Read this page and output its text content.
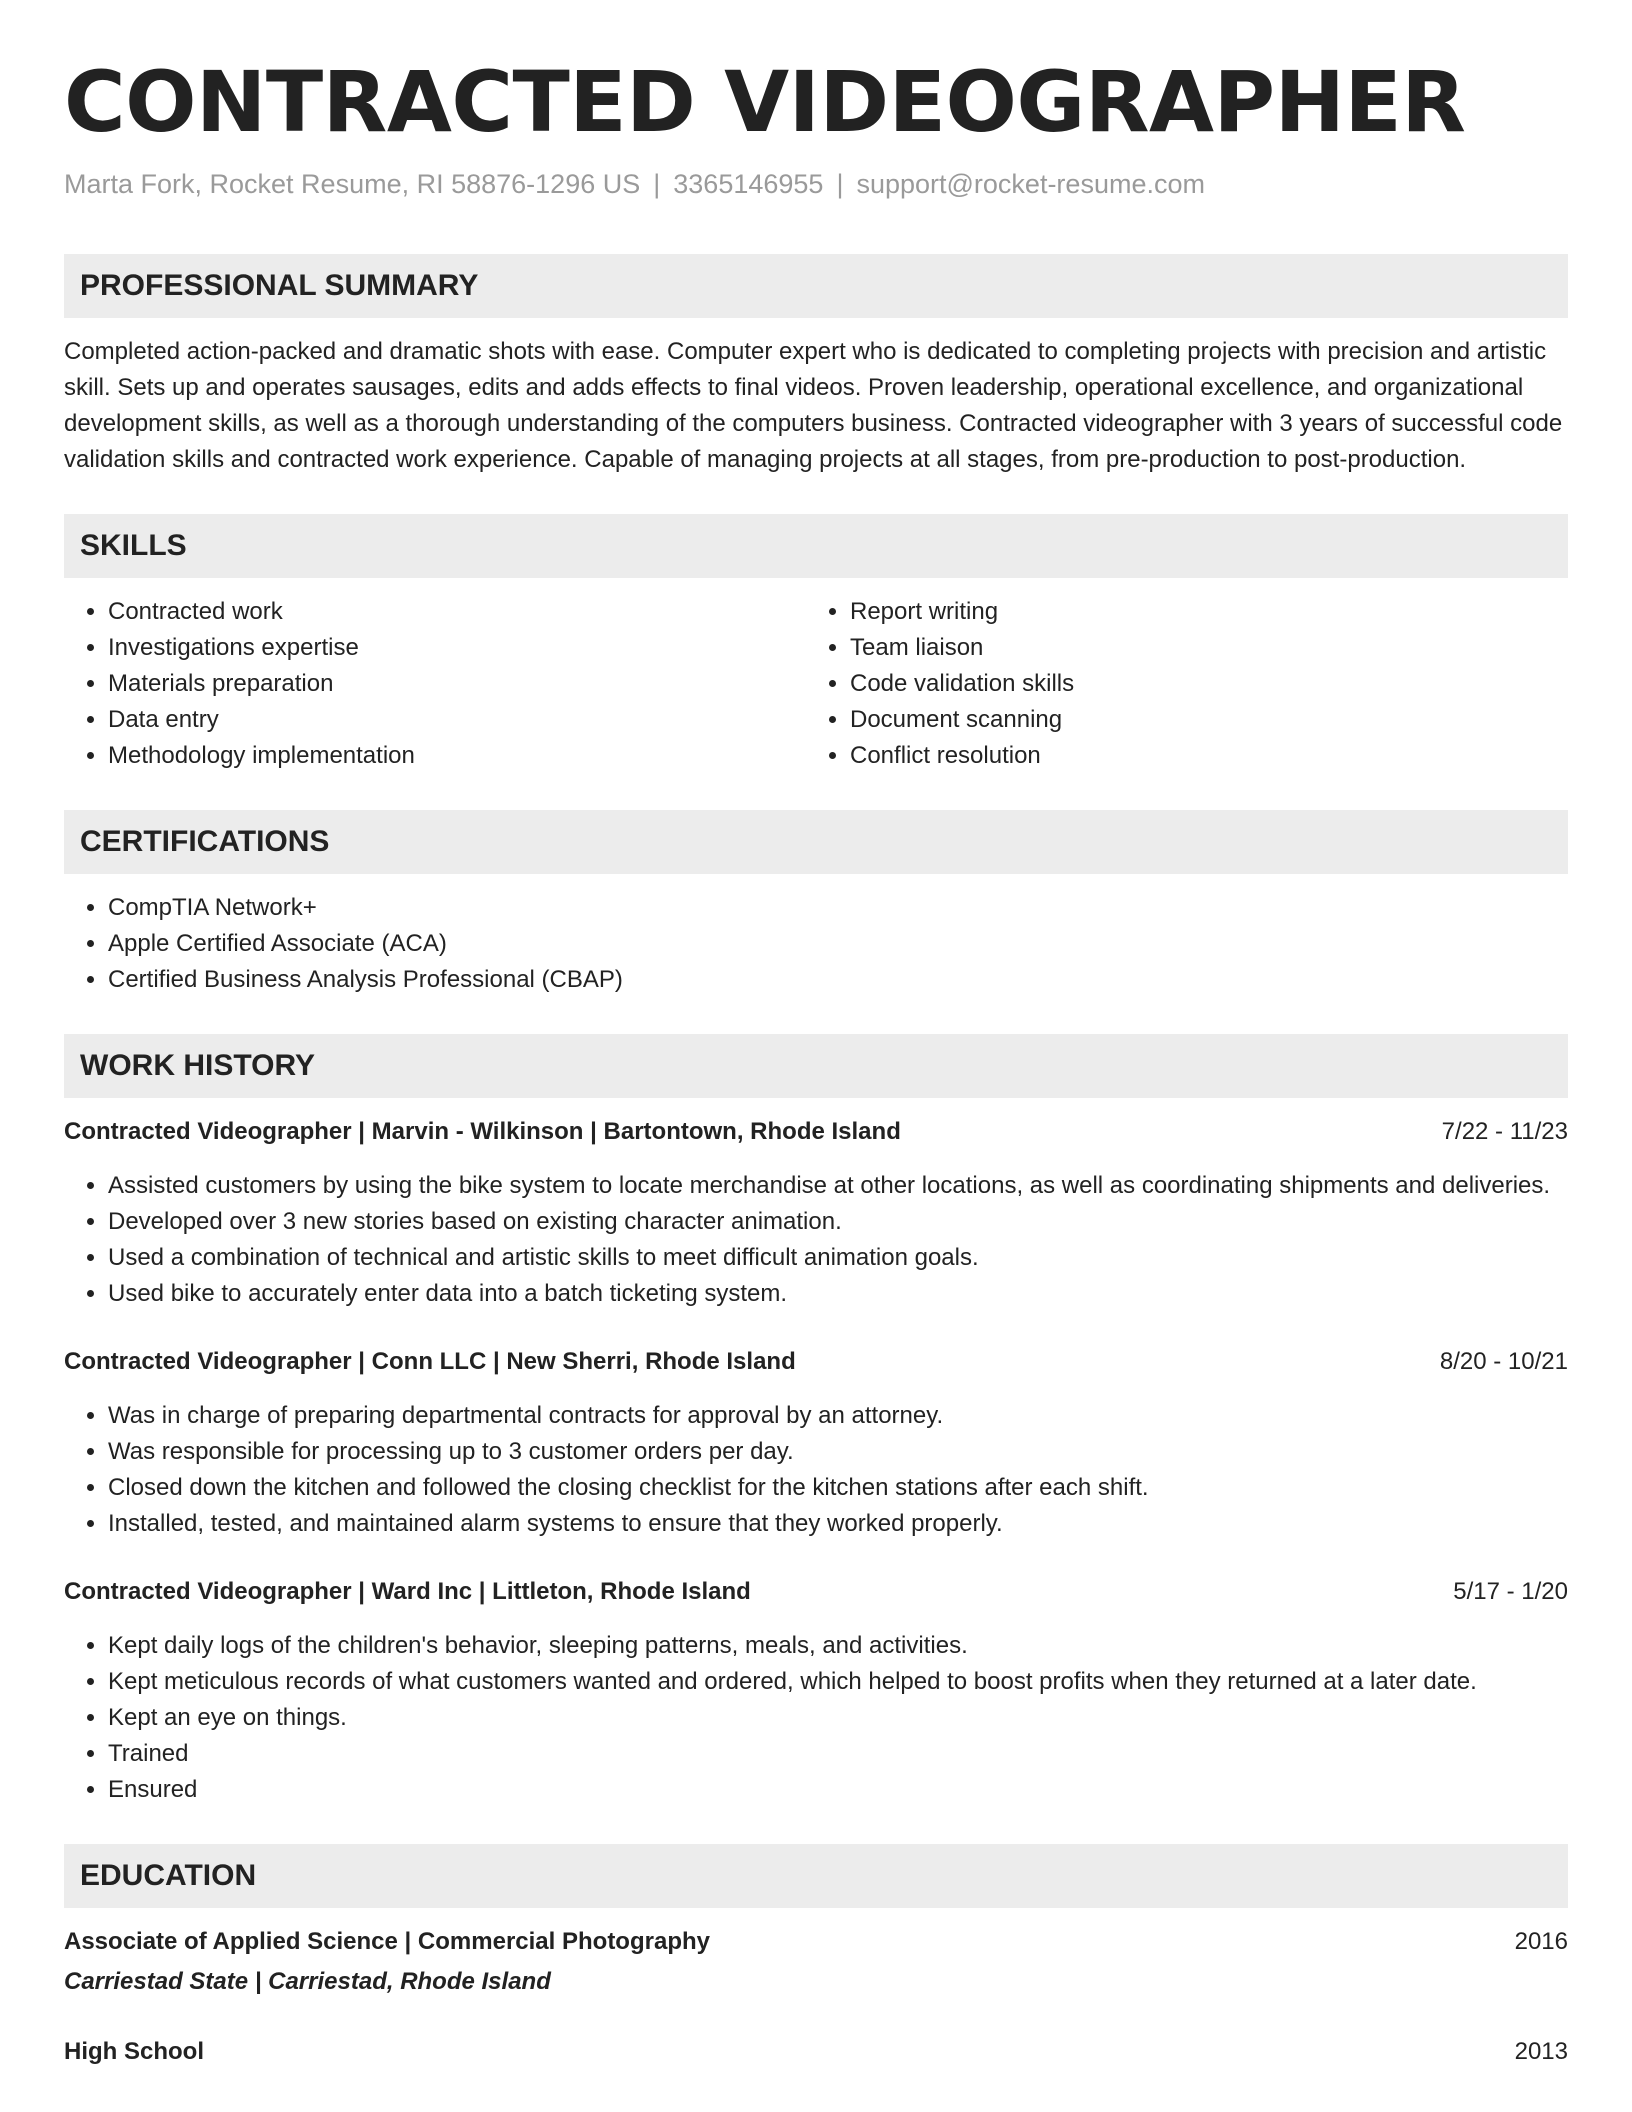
CONTRACTED VIDEOGRAPHER
Marta Fork, Rocket Resume, RI 58876-1296 US | 3365146955 | support@rocket-resume.com
PROFESSIONAL SUMMARY
Completed action-packed and dramatic shots with ease. Computer expert who is dedicated to completing projects with precision and artistic skill. Sets up and operates sausages, edits and adds effects to final videos. Proven leadership, operational excellence, and organizational development skills, as well as a thorough understanding of the computers business. Contracted videographer with 3 years of successful code validation skills and contracted work experience. Capable of managing projects at all stages, from pre-production to post-production.
SKILLS
• Contracted work
• Investigations expertise
• Materials preparation
• Data entry
• Methodology implementation
• Report writing
• Team liaison
• Code validation skills
• Document scanning
• Conflict resolution
CERTIFICATIONS
• CompTIA Network+
• Apple Certified Associate (ACA)
• Certified Business Analysis Professional (CBAP)
WORK HISTORY
Contracted Videographer | Marvin - Wilkinson | Bartontown, Rhode Island	7/22 - 11/23
• Assisted customers by using the bike system to locate merchandise at other locations, as well as coordinating shipments and deliveries.
• Developed over 3 new stories based on existing character animation.
• Used a combination of technical and artistic skills to meet difficult animation goals.
• Used bike to accurately enter data into a batch ticketing system.
Contracted Videographer | Conn LLC | New Sherri, Rhode Island	8/20 - 10/21
• Was in charge of preparing departmental contracts for approval by an attorney.
• Was responsible for processing up to 3 customer orders per day.
• Closed down the kitchen and followed the closing checklist for the kitchen stations after each shift.
• Installed, tested, and maintained alarm systems to ensure that they worked properly.
Contracted Videographer | Ward Inc | Littleton, Rhode Island	5/17 - 1/20
• Kept daily logs of the children's behavior, sleeping patterns, meals, and activities.
• Kept meticulous records of what customers wanted and ordered, which helped to boost profits when they returned at a later date.
• Kept an eye on things.
• Trained
• Ensured
EDUCATION
Associate of Applied Science | Commercial Photography	2016
Carriestad State | Carriestad, Rhode Island
High School	2013
